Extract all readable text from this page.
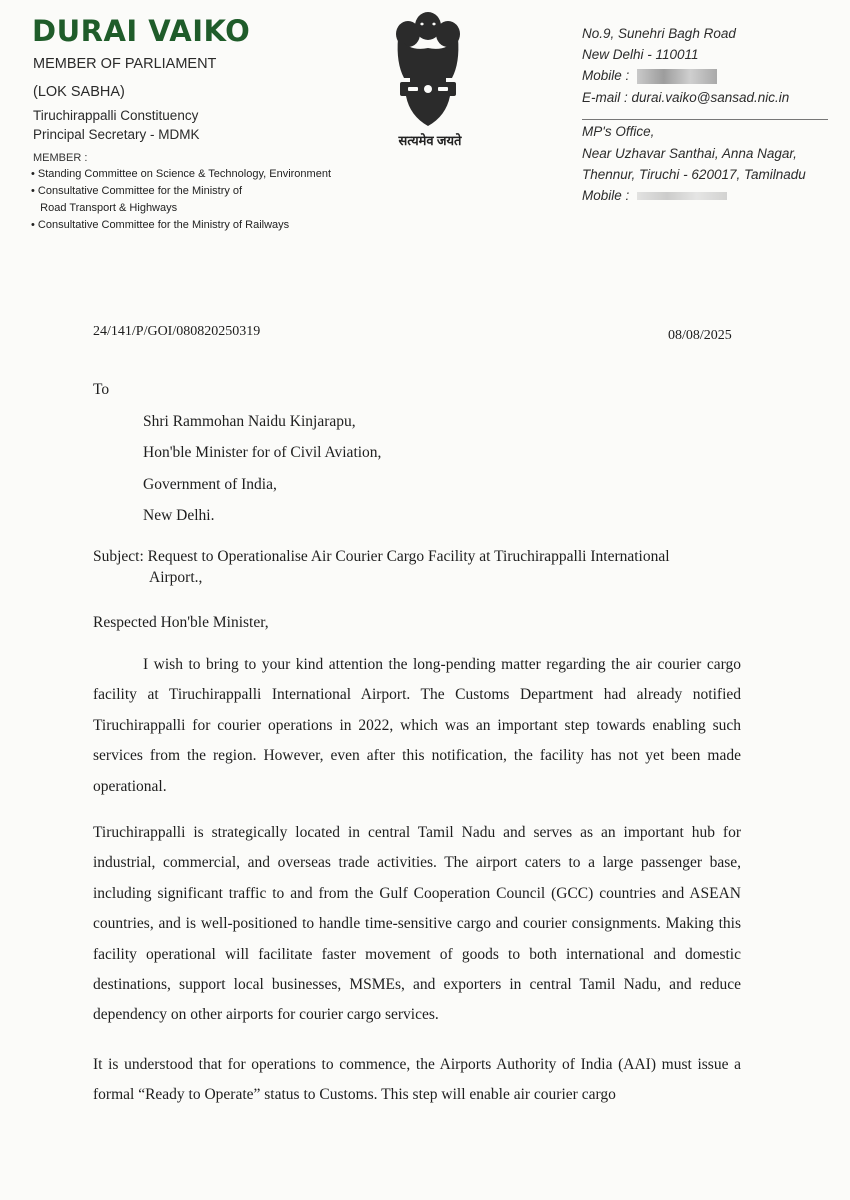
DURAI VAIKO
MEMBER OF PARLIAMENT
(LOK SABHA)
Tiruchirappalli Constituency
Principal Secretary - MDMK
MEMBER :
• Standing Committee on Science & Technology, Environment
• Consultative Committee for the Ministry of
Road Transport & Highways
• Consultative Committee for the Ministry of Railways
सत्यमेव जयते
No.9, Sunehri Bagh Road
New Delhi - 110011
Mobile :
E-mail : durai.vaiko@sansad.nic.in
MP's Office,
Near Uzhavar Santhai, Anna Nagar,
Thennur, Tiruchi - 620017, Tamilnadu
Mobile :
24/141/P/GOI/080820250319	08/08/2025
To
Shri Rammohan Naidu Kinjarapu,
Hon'ble Minister for of Civil Aviation,
Government of India,
New Delhi.
Subject: Request to Operationalise Air Courier Cargo Facility at Tiruchirappalli International
Airport.,
Respected Hon'ble Minister,

I wish to bring to your kind attention the long-pending matter regarding the air courier cargo facility at Tiruchirappalli International Airport. The Customs Department had already notified Tiruchirappalli for courier operations in 2022, which was an important step towards enabling such services from the region. However, even after this notification, the facility has not yet been made operational.

Tiruchirappalli is strategically located in central Tamil Nadu and serves as an important hub for industrial, commercial, and overseas trade activities. The airport caters to a large passenger base, including significant traffic to and from the Gulf Cooperation Council (GCC) countries and ASEAN countries, and is well-positioned to handle time-sensitive cargo and courier consignments. Making this facility operational will facilitate faster movement of goods to both international and domestic destinations, support local businesses, MSMEs, and exporters in central Tamil Nadu, and reduce dependency on other airports for courier cargo services.

It is understood that for operations to commence, the Airports Authority of India (AAI) must issue a formal “Ready to Operate” status to Customs. This step will enable air courier cargo
